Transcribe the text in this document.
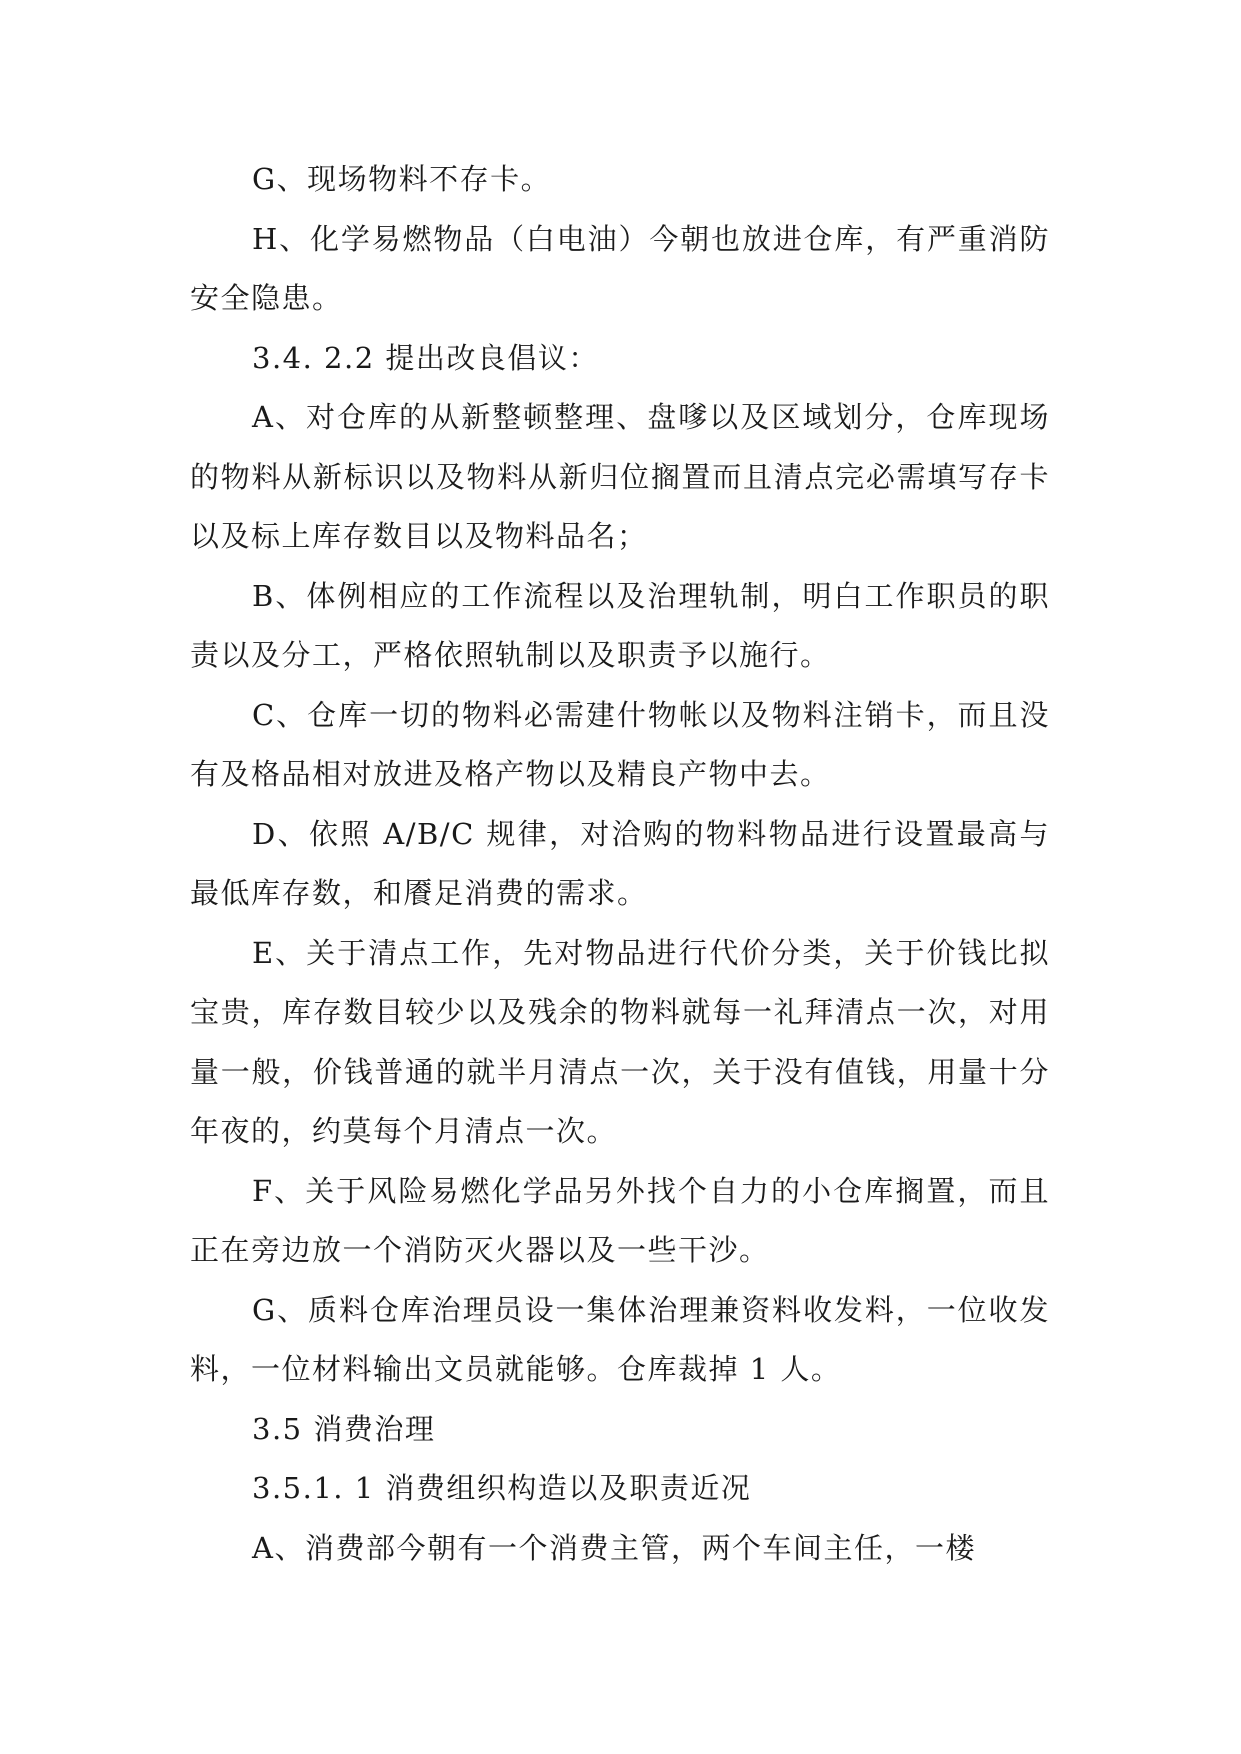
G、现场物料不存卡。

H、化学易燃物品（白电油）今朝也放进仓库，有严重消防安全隐患。

3.4. 2.2 提出改良倡议：

A、对仓库的从新整顿整理、盘嗲以及区域划分，仓库现场的物料从新标识以及物料从新归位搁置而且清点完必需填写存卡以及标上库存数目以及物料品名；

B、体例相应的工作流程以及治理轨制，明白工作职员的职责以及分工，严格依照轨制以及职责予以施行。

C、仓库一切的物料必需建什物帐以及物料注销卡，而且没有及格品相对放进及格产物以及精良产物中去。

D、依照 A/B/C 规律，对洽购的物料物品进行设置最高与最低库存数，和餍足消费的需求。

E、关于清点工作，先对物品进行代价分类，关于价钱比拟宝贵，库存数目较少以及残余的物料就每一礼拜清点一次，对用量一般，价钱普通的就半月清点一次，关于没有值钱，用量十分年夜的，约莫每个月清点一次。

F、关于风险易燃化学品另外找个自力的小仓库搁置，而且正在旁边放一个消防灭火器以及一些干沙。

G、质料仓库治理员设一集体治理兼资料收发料，一位收发料，一位材料输出文员就能够。仓库裁掉 1 人。

3.5 消费治理

3.5.1. 1 消费组织构造以及职责近况

A、消费部今朝有一个消费主管，两个车间主任，一楼
